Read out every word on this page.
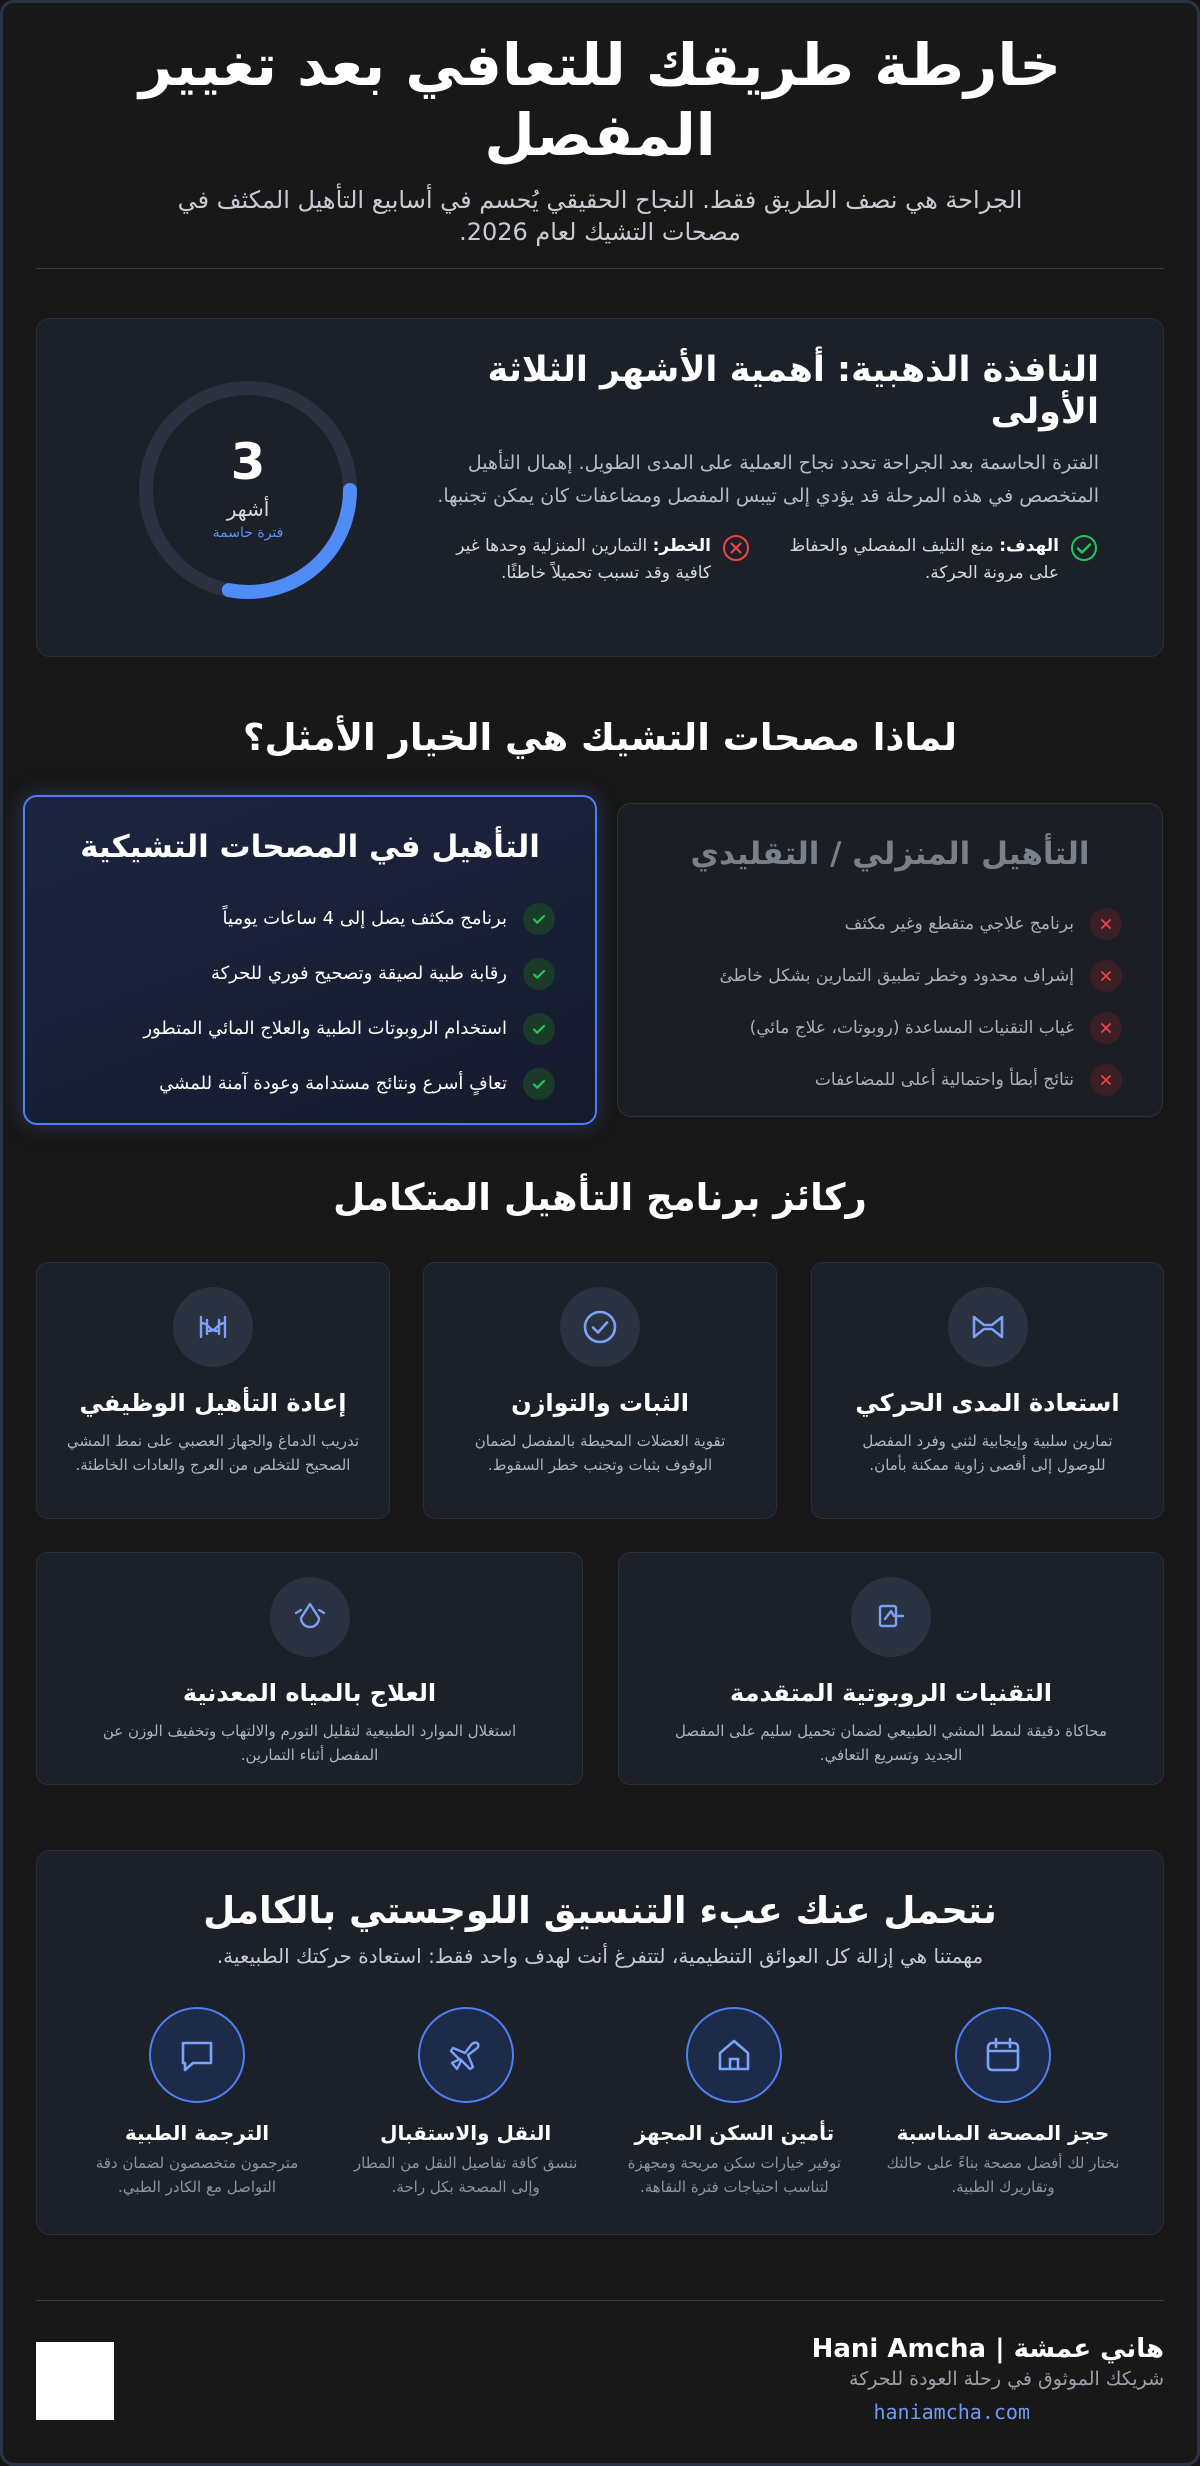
خارطة طريقك للتعافي بعد تغيير المفصل

الجراحة هي نصف الطريق فقط. النجاح الحقيقي يُحسم في أسابيع التأهيل المكثف في مصحات التشيك لعام 2026.

النافذة الذهبية: أهمية الأشهر الثلاثة الأولى

الفترة الحاسمة بعد الجراحة تحدد نجاح العملية على المدى الطويل. إهمال التأهيل المتخصص في هذه المرحلة قد يؤدي إلى تيبس المفصل ومضاعفات كان يمكن تجنبها.

الهدف: منع التليف المفصلي والحفاظ على مرونة الحركة.
الخطر: التمارين المنزلية وحدها غير كافية وقد تسبب تحميلاً خاطئًا.
3
أشهر
فترة حاسمة
لماذا مصحات التشيك هي الخيار الأمثل؟
التأهيل المنزلي / التقليدي
برنامج علاجي متقطع وغير مكثف
إشراف محدود وخطر تطبيق التمارين بشكل خاطئ
غياب التقنيات المساعدة (روبوتات، علاج مائي)
نتائج أبطأ واحتمالية أعلى للمضاعفات
التأهيل في المصحات التشيكية
برنامج مكثف يصل إلى 4 ساعات يومياً
رقابة طبية لصيقة وتصحيح فوري للحركة
استخدام الروبوتات الطبية والعلاج المائي المتطور
تعافٍ أسرع ونتائج مستدامة وعودة آمنة للمشي
ركائز برنامج التأهيل المتكامل
استعادة المدى الحركي

تمارين سلبية وإيجابية لثني وفرد المفصل للوصول إلى أقصى زاوية ممكنة بأمان.

الثبات والتوازن

تقوية العضلات المحيطة بالمفصل لضمان الوقوف بثبات وتجنب خطر السقوط.

إعادة التأهيل الوظيفي

تدريب الدماغ والجهاز العصبي على نمط المشي الصحيح للتخلص من العرج والعادات الخاطئة.

التقنيات الروبوتية المتقدمة

محاكاة دقيقة لنمط المشي الطبيعي لضمان تحميل سليم على المفصل الجديد وتسريع التعافي.

العلاج بالمياه المعدنية

استغلال الموارد الطبيعية لتقليل التورم والالتهاب وتخفيف الوزن عن المفصل أثناء التمارين.

نتحمل عنك عبء التنسيق اللوجستي بالكامل
مهمتنا هي إزالة كل العوائق التنظيمية، لتتفرغ أنت لهدف واحد فقط: استعادة حركتك الطبيعية.
حجز المصحة المناسبة

نختار لك أفضل مصحة بناءً على حالتك وتقاريرك الطبية.

تأمين السكن المجهز

توفير خيارات سكن مريحة ومجهزة لتناسب احتياجات فترة النقاهة.

النقل والاستقبال

ننسق كافة تفاصيل النقل من المطار وإلى المصحة بكل راحة.

الترجمة الطبية

مترجمون متخصصون لضمان دقة التواصل مع الكادر الطبي.

هاني عمشة | Hani Amcha
شريكك الموثوق في رحلة العودة للحركة
haniamcha.com
